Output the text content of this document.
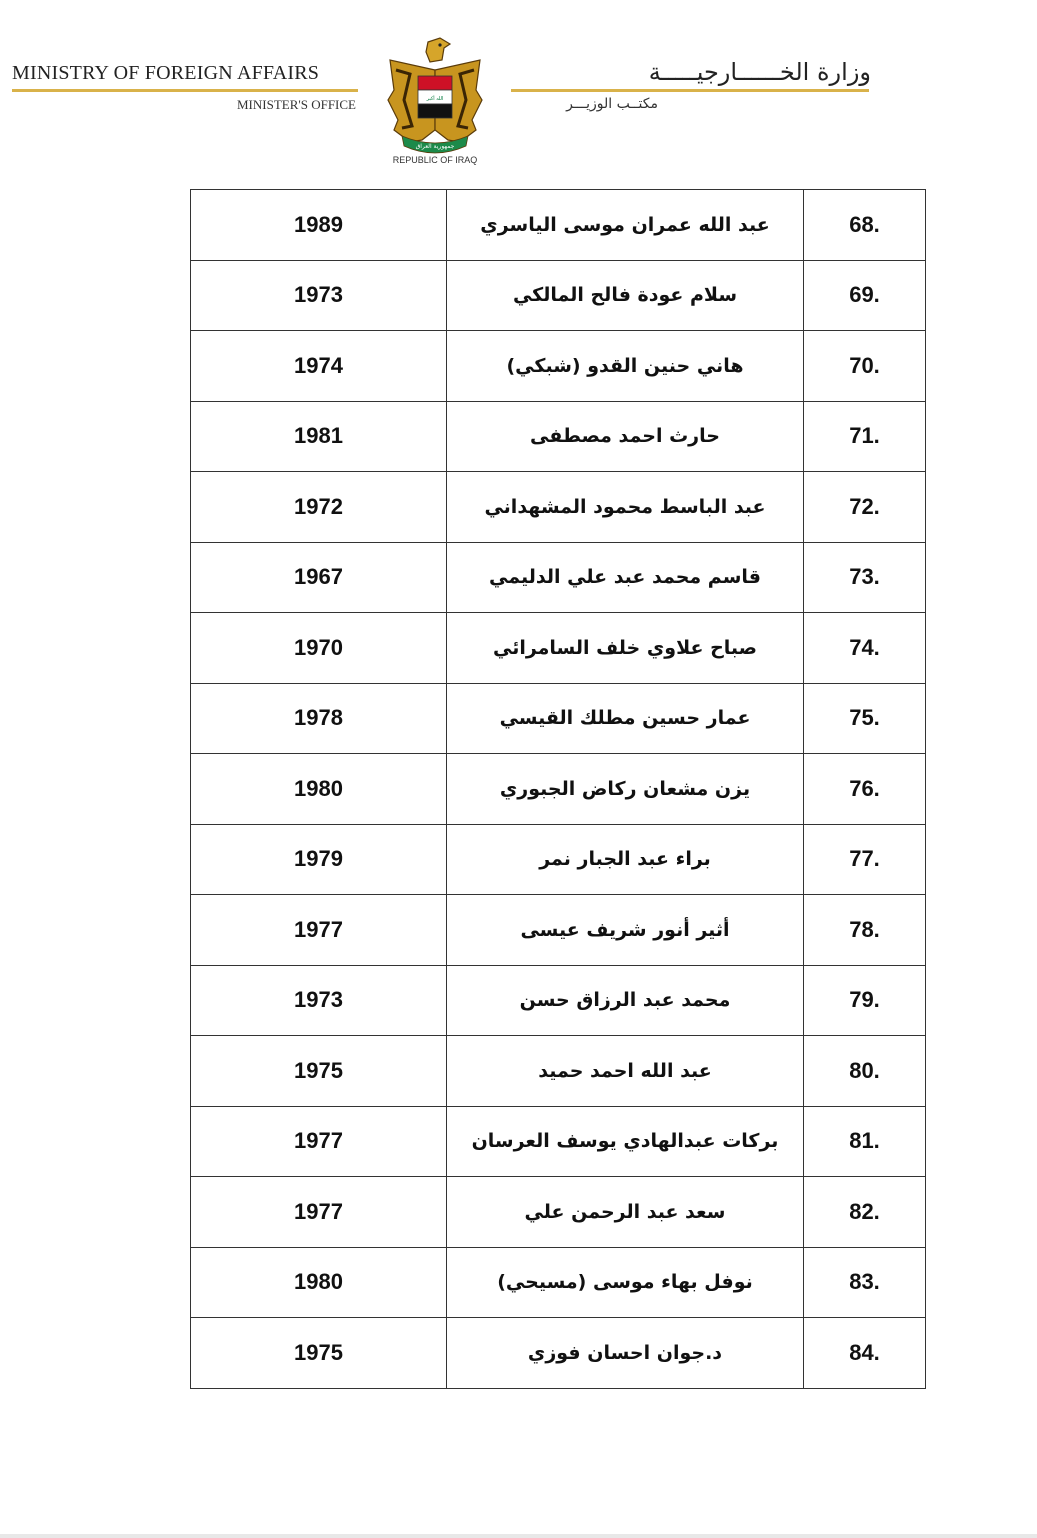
MINISTRY OF FOREIGN AFFAIRS
MINISTER'S OFFICE	الله أكبر
جمهورية العراق
REPUBLIC OF IRAQ
وزارة الخــــــارجيـــــة
مكتــب الوزيـــر
1989	عبد الله عمران موسى الياسري	68.
1973	سلام عودة فالح المالكي	69.
1974	هاني حنين القدو (شبكي)	70.
1981	حارث احمد مصطفى	71.
1972	عبد الباسط محمود المشهداني	72.
1967	قاسم محمد عبد علي الدليمي	73.
1970	صباح علاوي خلف السامرائي	74.
1978	عمار حسين مطلك القيسي	75.
1980	يزن مشعان ركاض الجبوري	76.
1979	براء عبد الجبار نمر	77.
1977	أثير أنور شريف عيسى	78.
1973	محمد عبد الرزاق حسن	79.
1975	عبد الله احمد حميد	80.
1977	بركات عبدالهادي يوسف العرسان	81.
1977	سعد عبد الرحمن علي	82.
1980	نوفل بهاء موسى (مسيحي)	83.
1975	د.جوان احسان فوزي	84.
